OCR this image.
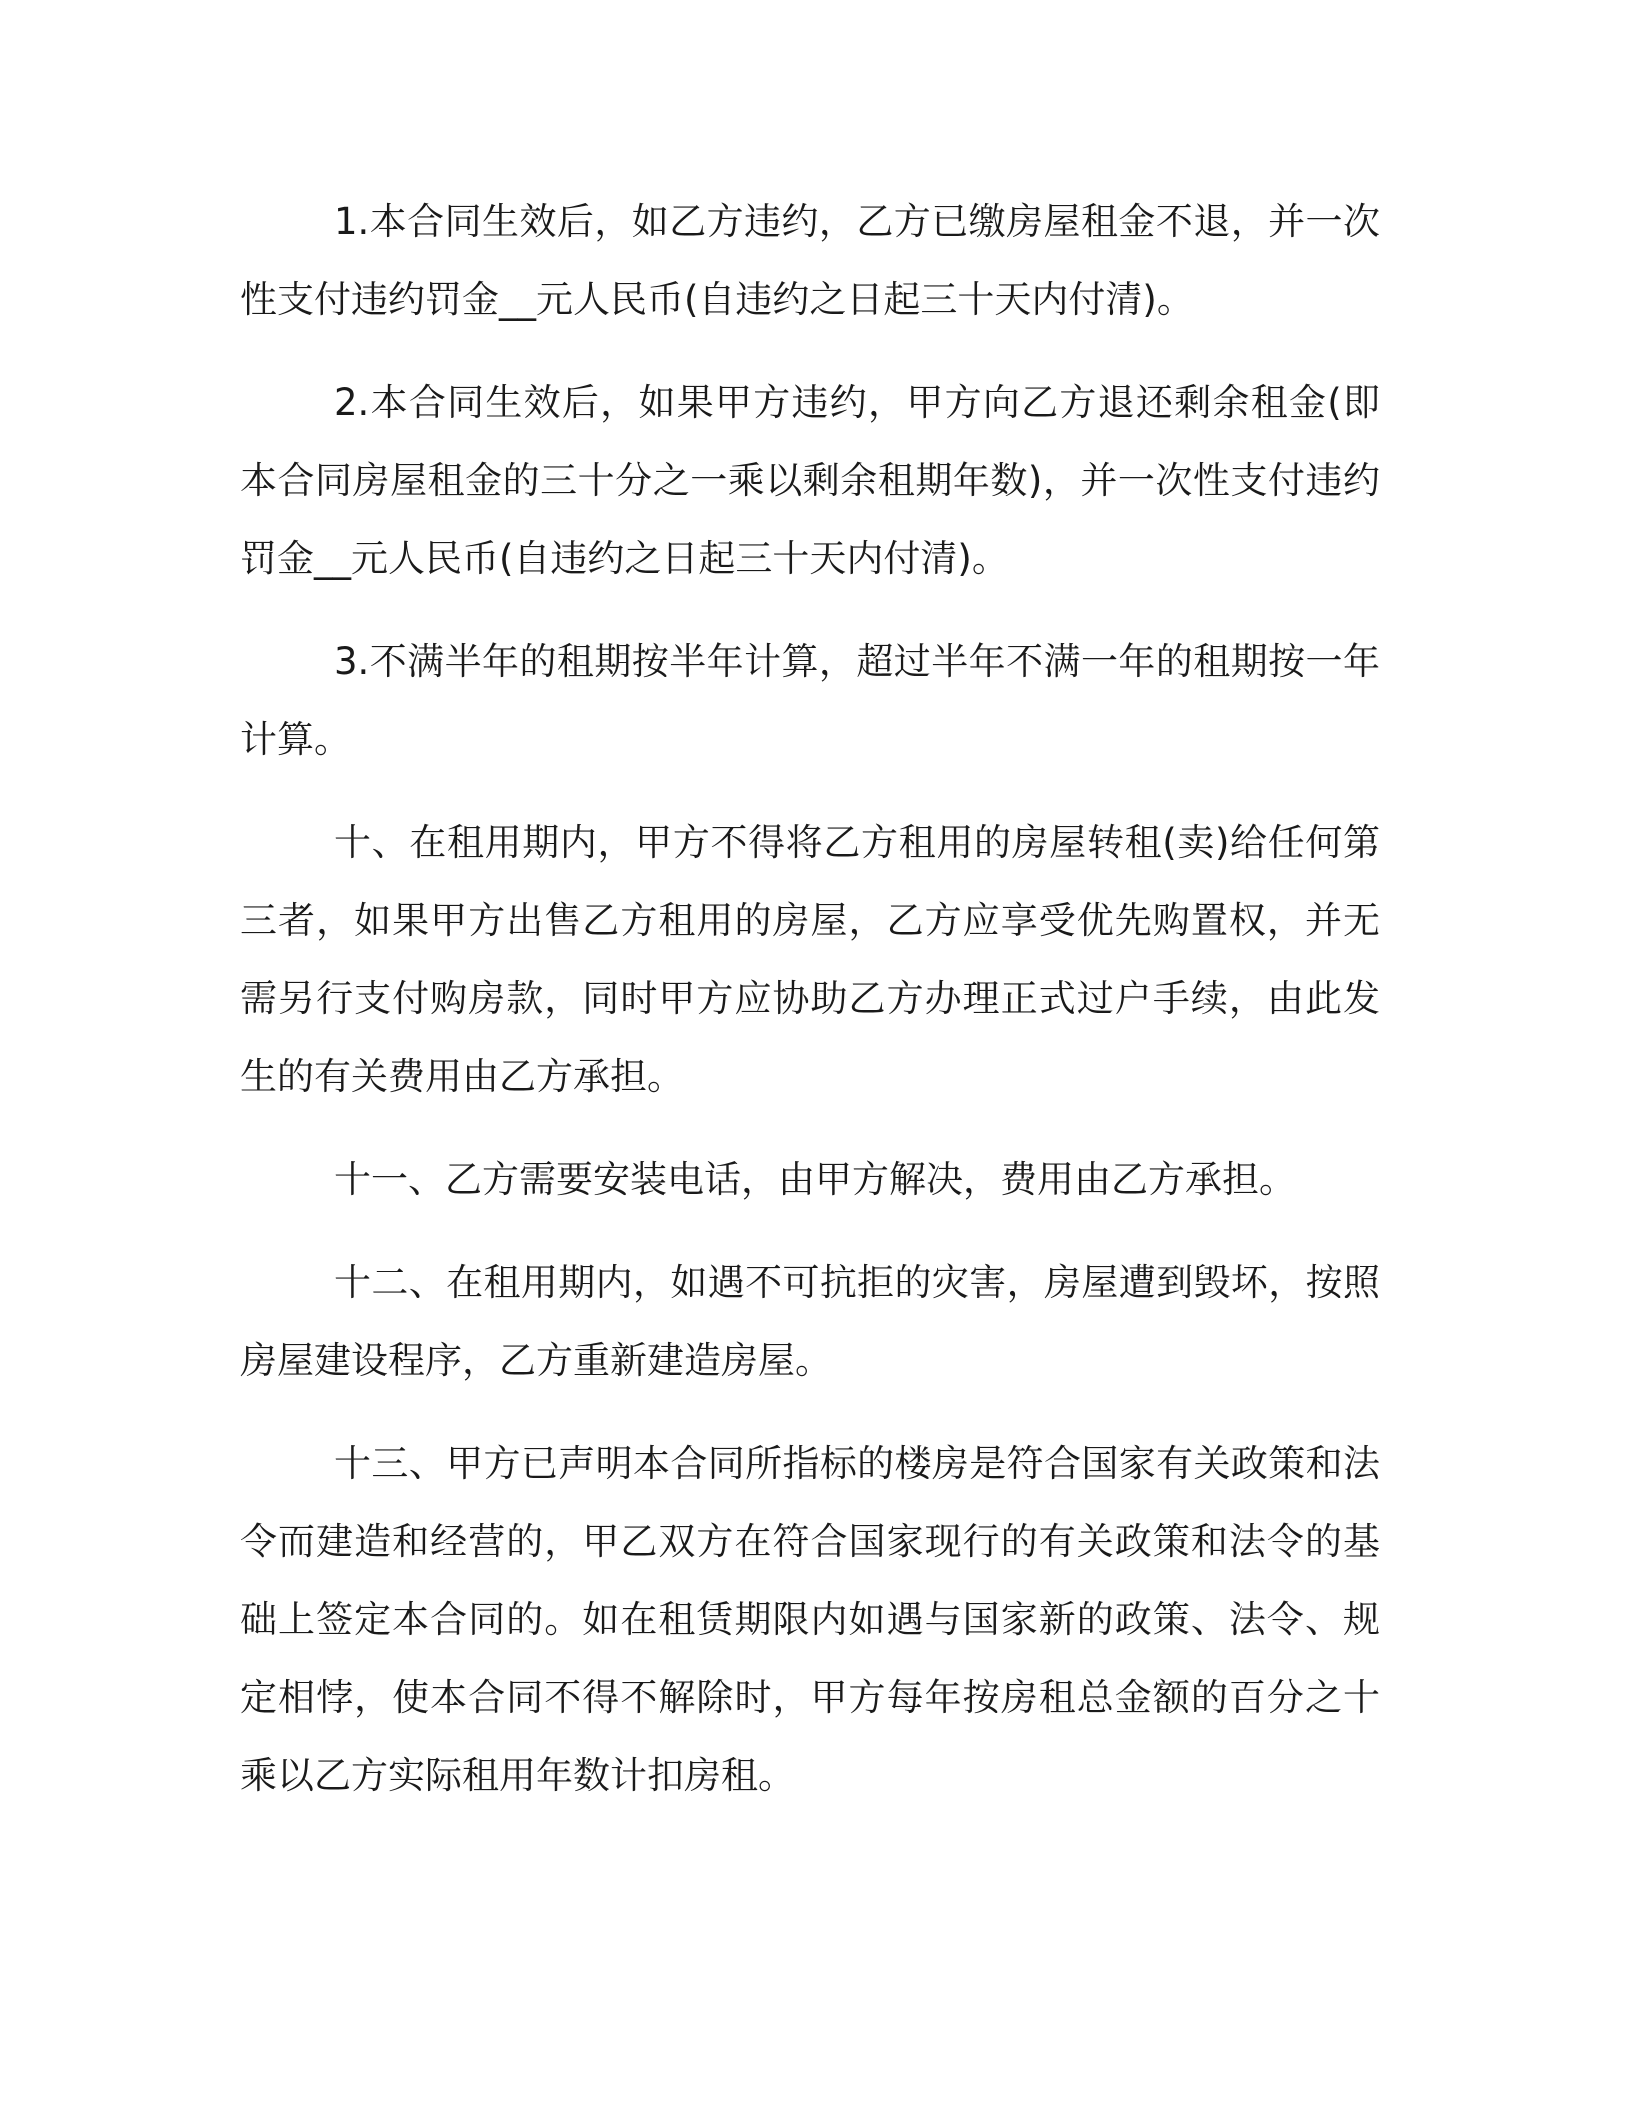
1.本合同生效后，如乙方违约，乙方已缴房屋租金不退，并一次性支付违约罚金__元人民币(自违约之日起三十天内付清)。

2.本合同生效后，如果甲方违约，甲方向乙方退还剩余租金(即本合同房屋租金的三十分之一乘以剩余租期年数)，并一次性支付违约罚金__元人民币(自违约之日起三十天内付清)。

3.不满半年的租期按半年计算，超过半年不满一年的租期按一年计算。

十、在租用期内，甲方不得将乙方租用的房屋转租(卖)给任何第三者，如果甲方出售乙方租用的房屋，乙方应享受优先购置权，并无需另行支付购房款，同时甲方应协助乙方办理正式过户手续，由此发生的有关费用由乙方承担。

十一、乙方需要安装电话，由甲方解决，费用由乙方承担。

十二、在租用期内，如遇不可抗拒的灾害，房屋遭到毁坏，按照房屋建设程序，乙方重新建造房屋。

十三、甲方已声明本合同所指标的楼房是符合国家有关政策和法令而建造和经营的，甲乙双方在符合国家现行的有关政策和法令的基础上签定本合同的。如在租赁期限内如遇与国家新的政策、法令、规定相悖，使本合同不得不解除时，甲方每年按房租总金额的百分之十乘以乙方实际租用年数计扣房租。
